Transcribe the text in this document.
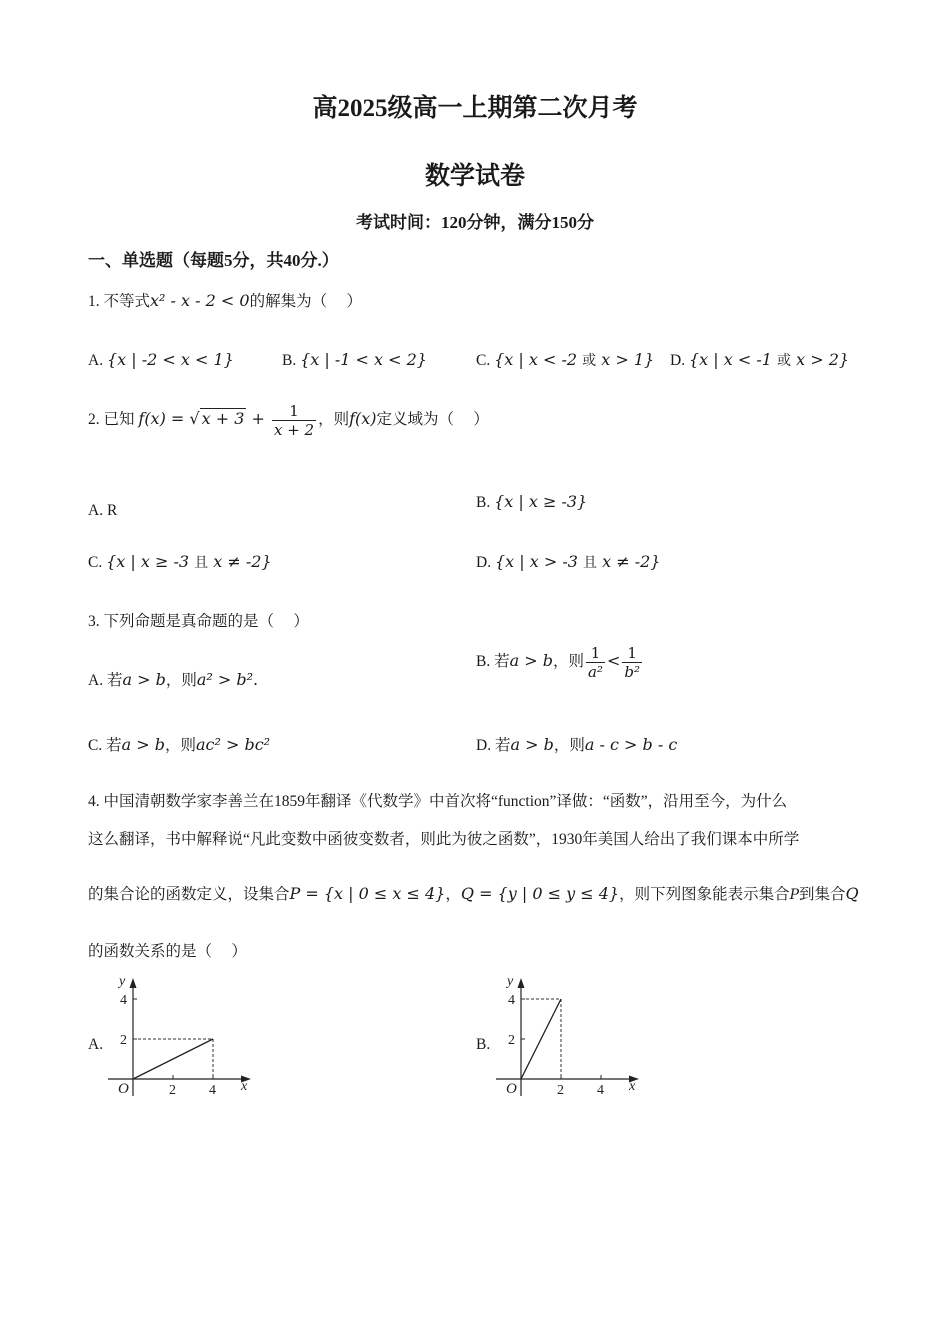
高2025级高一上期第二次月考
数学试卷
考试时间：120分钟，满分150分
一、单选题（每题5分，共40分.）
1. 不等式x² - x - 2 < 0的解集为（　 ）
A. {x | -2 < x < 1}	B. {x | -1 < x < 2}	C. {x | x < -2 或 x > 1} D. {x | x < -1 或 x > 2}
2. 已知 f(x) = √ $x + 3 + \frac{1}{x + 2}$ ，则f(x)定义域为（　 ）
A. R	B. {x | x ≥ -3}
C. {x | x ≥ -3 且 x ≠ -2}	D. {x | x > -3 且 x ≠ -2}
3. 下列命题是真命题的是（　 ）
A. 若a > b，则a² > b².
B. 若a > b，则 $\frac{1}{\text{a²}} < \frac{1}{\text{b²}}$
C. 若a > b，则ac² > bc²	D. 若a > b，则a - c > b - c
4. 中国清朝数学家李善兰在1859年翻译《代数学》中首次将“function”译做：“函数”，沿用至今，为什么
这么翻译，书中解释说“凡此变数中函彼变数者，则此为彼之函数”，1930年美国人给出了我们课本中所学
的集合论的函数定义，设集合P = {x | 0 ≤ x ≤ 4}，Q = {y | 0 ≤ y ≤ 4}，则下列图象能表示集合P到集合Q
的函数关系的是（　 ）
A.	B.
x
y
O	2 4
2
4
x
y
O	2 4
2
4
